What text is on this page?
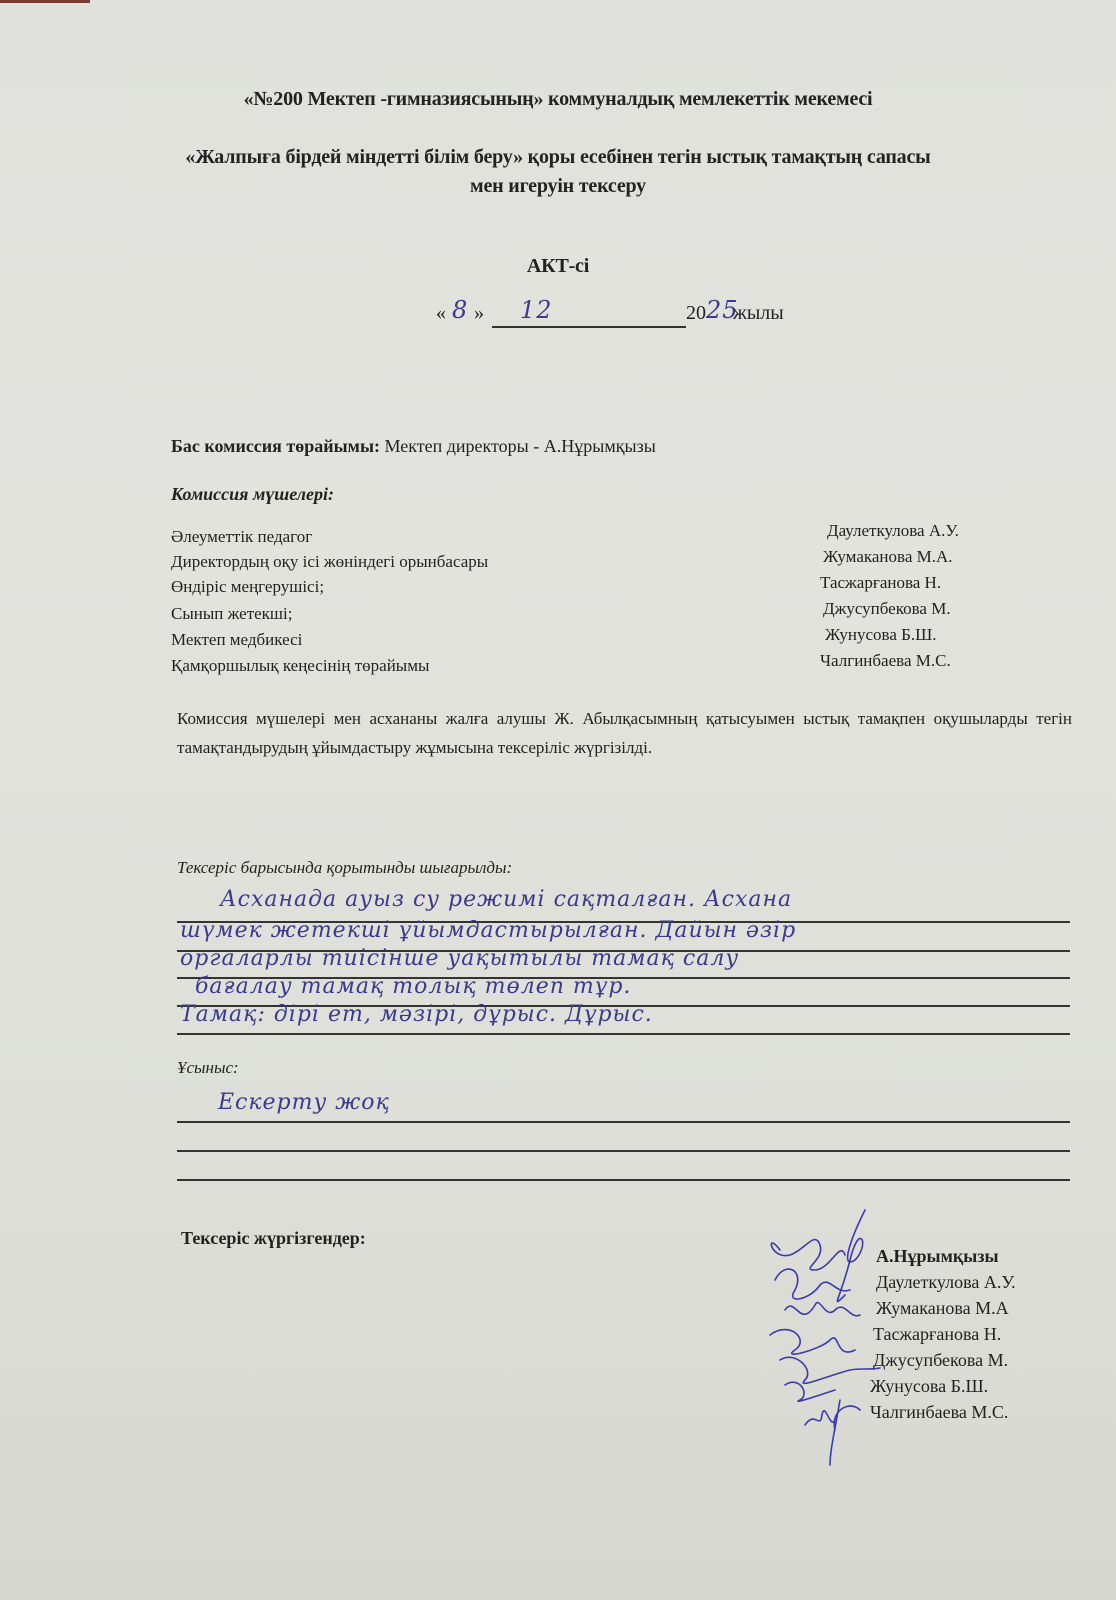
«№200 Мектеп -гимназиясының» коммуналдық мемлекеттік мекемесі
«Жалпыға бірдей міндетті білім беру» қоры есебінен тегін ыстық тамақтың сапасы
мен игеруін тексеру
АКТ-сі
« 8 » 12	20 25
жылы
Бас комиссия төрайымы: Мектеп директоры - А.Нұрымқызы
Комиссия мүшелері:
Әлеуметтік педагог	Даулеткулова А.У.
Директордың оқу ісі жөніндегі орынбасары	Жумаканова М.А.
Өндіріс меңгерушісі;	Тасжарғанова Н.
Сынып жетекші;	Джусупбекова М.
Мектеп медбикесі	Жунусова Б.Ш.
Қамқоршылық кеңесінің төрайымы	Чалгинбаева М.С.
Комиссия мүшелері мен асхананы жалға алушы Ж. Абылқасымның қатысуымен ыстық тамақпен оқушыларды тегін тамақтандырудың ұйымдастыру жұмысына тексеріліс жүргізілді.
Тексеріс барысында қорытынды шығарылды:
Асханада ауыз су режимі сақталған. Асхана
шүмек жетекші ұйымдастырылған. Дайын әзір
оргаларлы тиісінше уақытылы тамақ салу
бағалау тамақ толық төлеп тұр.
Тамақ: дірі ет, мәзірі, дұрыс. Дұрыс.
Ұсыныс:
Ескерту жоқ
Тексеріс жүргізгендер:
А.Нұрымқызы
Даулеткулова А.У.
Жумаканова М.А
Тасжарғанова Н.
Джусупбекова М.
Жунусова Б.Ш.
Чалгинбаева М.С.
